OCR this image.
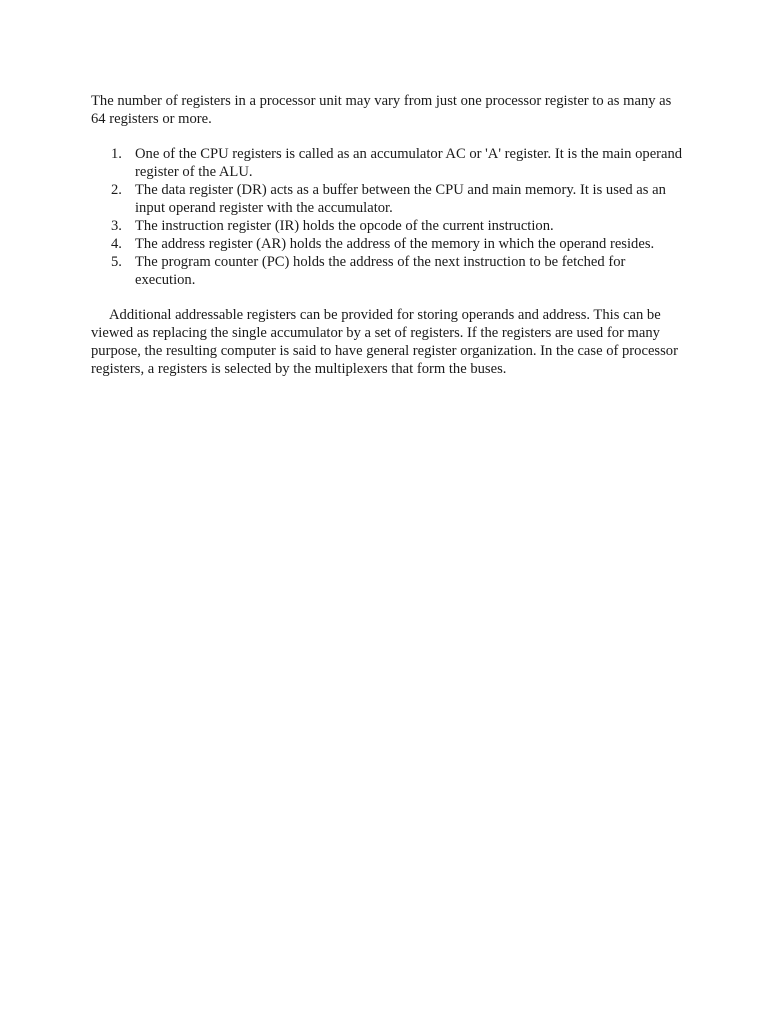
The number of registers in a processor unit may vary from just one processor register to as many as 64 registers or more.

1. One of the CPU registers is called as an accumulator AC or 'A' register. It is the main operand register of the ALU.
2. The data register (DR) acts as a buffer between the CPU and main memory. It is used as an input operand register with the accumulator.
3. The instruction register (IR) holds the opcode of the current instruction.
4. The address register (AR) holds the address of the memory in which the operand resides.
5. The program counter (PC) holds the address of the next instruction to be fetched for execution.

Additional addressable registers can be provided for storing operands and address. This can be viewed as replacing the single accumulator by a set of registers. If the registers are used for many purpose, the resulting computer is said to have general register organization. In the case of processor registers, a registers is selected by the multiplexers that form the buses.
